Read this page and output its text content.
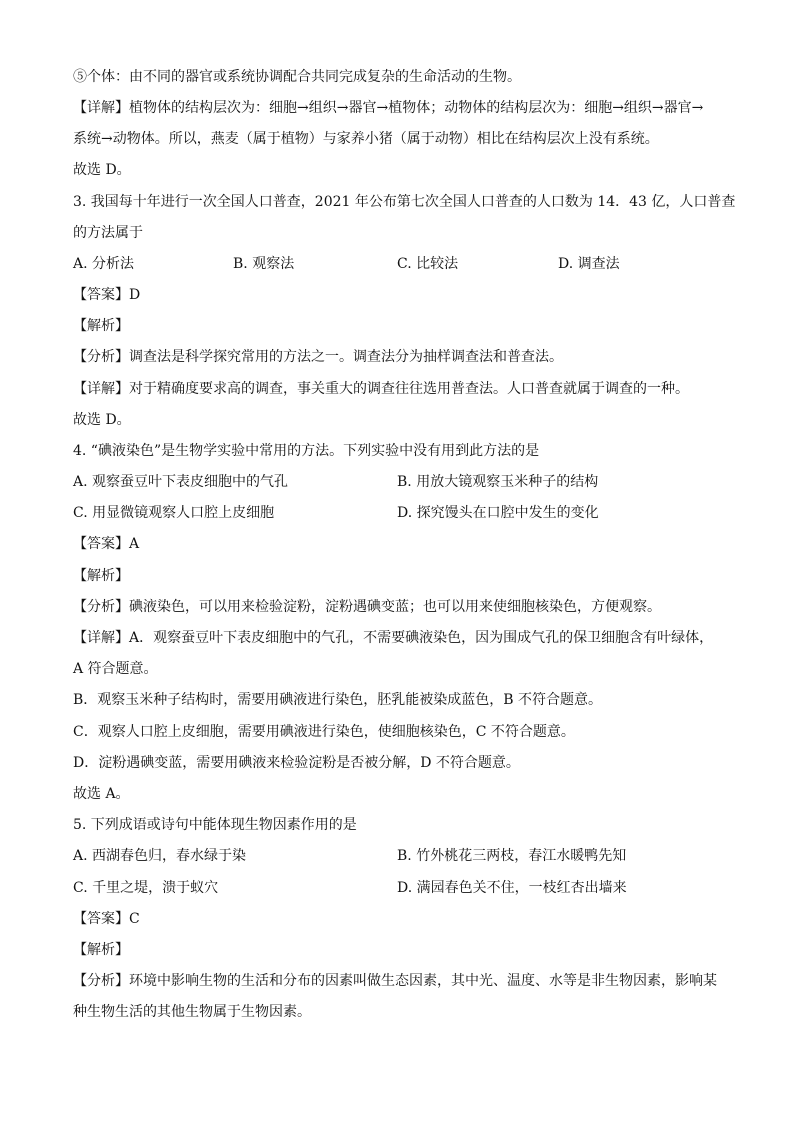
⑤个体：由不同的器官或系统协调配合共同完成复杂的生命活动的生物。
【详解】植物体的结构层次为：细胞→组织→器官→植物体；动物体的结构层次为：细胞→组织→器官→
系统→动物体。所以，燕麦（属于植物）与家养小猪（属于动物）相比在结构层次上没有系统。
故选 D。
3. 我国每十年进行一次全国人口普查，2021 年公布第七次全国人口普查的人口数为 14．43 亿，人口普查
的方法属于
A. 分析法	B. 观察法	C. 比较法	D. 调查法
【答案】D
【解析】
【分析】调查法是科学探究常用的方法之一。调查法分为抽样调查法和普查法。
【详解】对于精确度要求高的调查，事关重大的调查往往选用普查法。人口普查就属于调查的一种。
故选 D。
4. “碘液染色”是生物学实验中常用的方法。下列实验中没有用到此方法的是
A. 观察蚕豆叶下表皮细胞中的气孔	B. 用放大镜观察玉米种子的结构
C. 用显微镜观察人口腔上皮细胞	D. 探究馒头在口腔中发生的变化
【答案】A
【解析】
【分析】碘液染色，可以用来检验淀粉，淀粉遇碘变蓝；也可以用来使细胞核染色，方便观察。
【详解】A．观察蚕豆叶下表皮细胞中的气孔，不需要碘液染色，因为围成气孔的保卫细胞含有叶绿体，
A 符合题意。
B．观察玉米种子结构时，需要用碘液进行染色，胚乳能被染成蓝色，B 不符合题意。
C．观察人口腔上皮细胞，需要用碘液进行染色，使细胞核染色，C 不符合题意。
D．淀粉遇碘变蓝，需要用碘液来检验淀粉是否被分解，D 不符合题意。
故选 A。
5. 下列成语或诗句中能体现生物因素作用的是
A. 西湖春色归，春水绿于染	B. 竹外桃花三两枝，春江水暖鸭先知
C. 千里之堤，溃于蚁穴	D. 满园春色关不住，一枝红杏出墙来
【答案】C
【解析】
【分析】环境中影响生物的生活和分布的因素叫做生态因素，其中光、温度、水等是非生物因素，影响某
种生物生活的其他生物属于生物因素。
